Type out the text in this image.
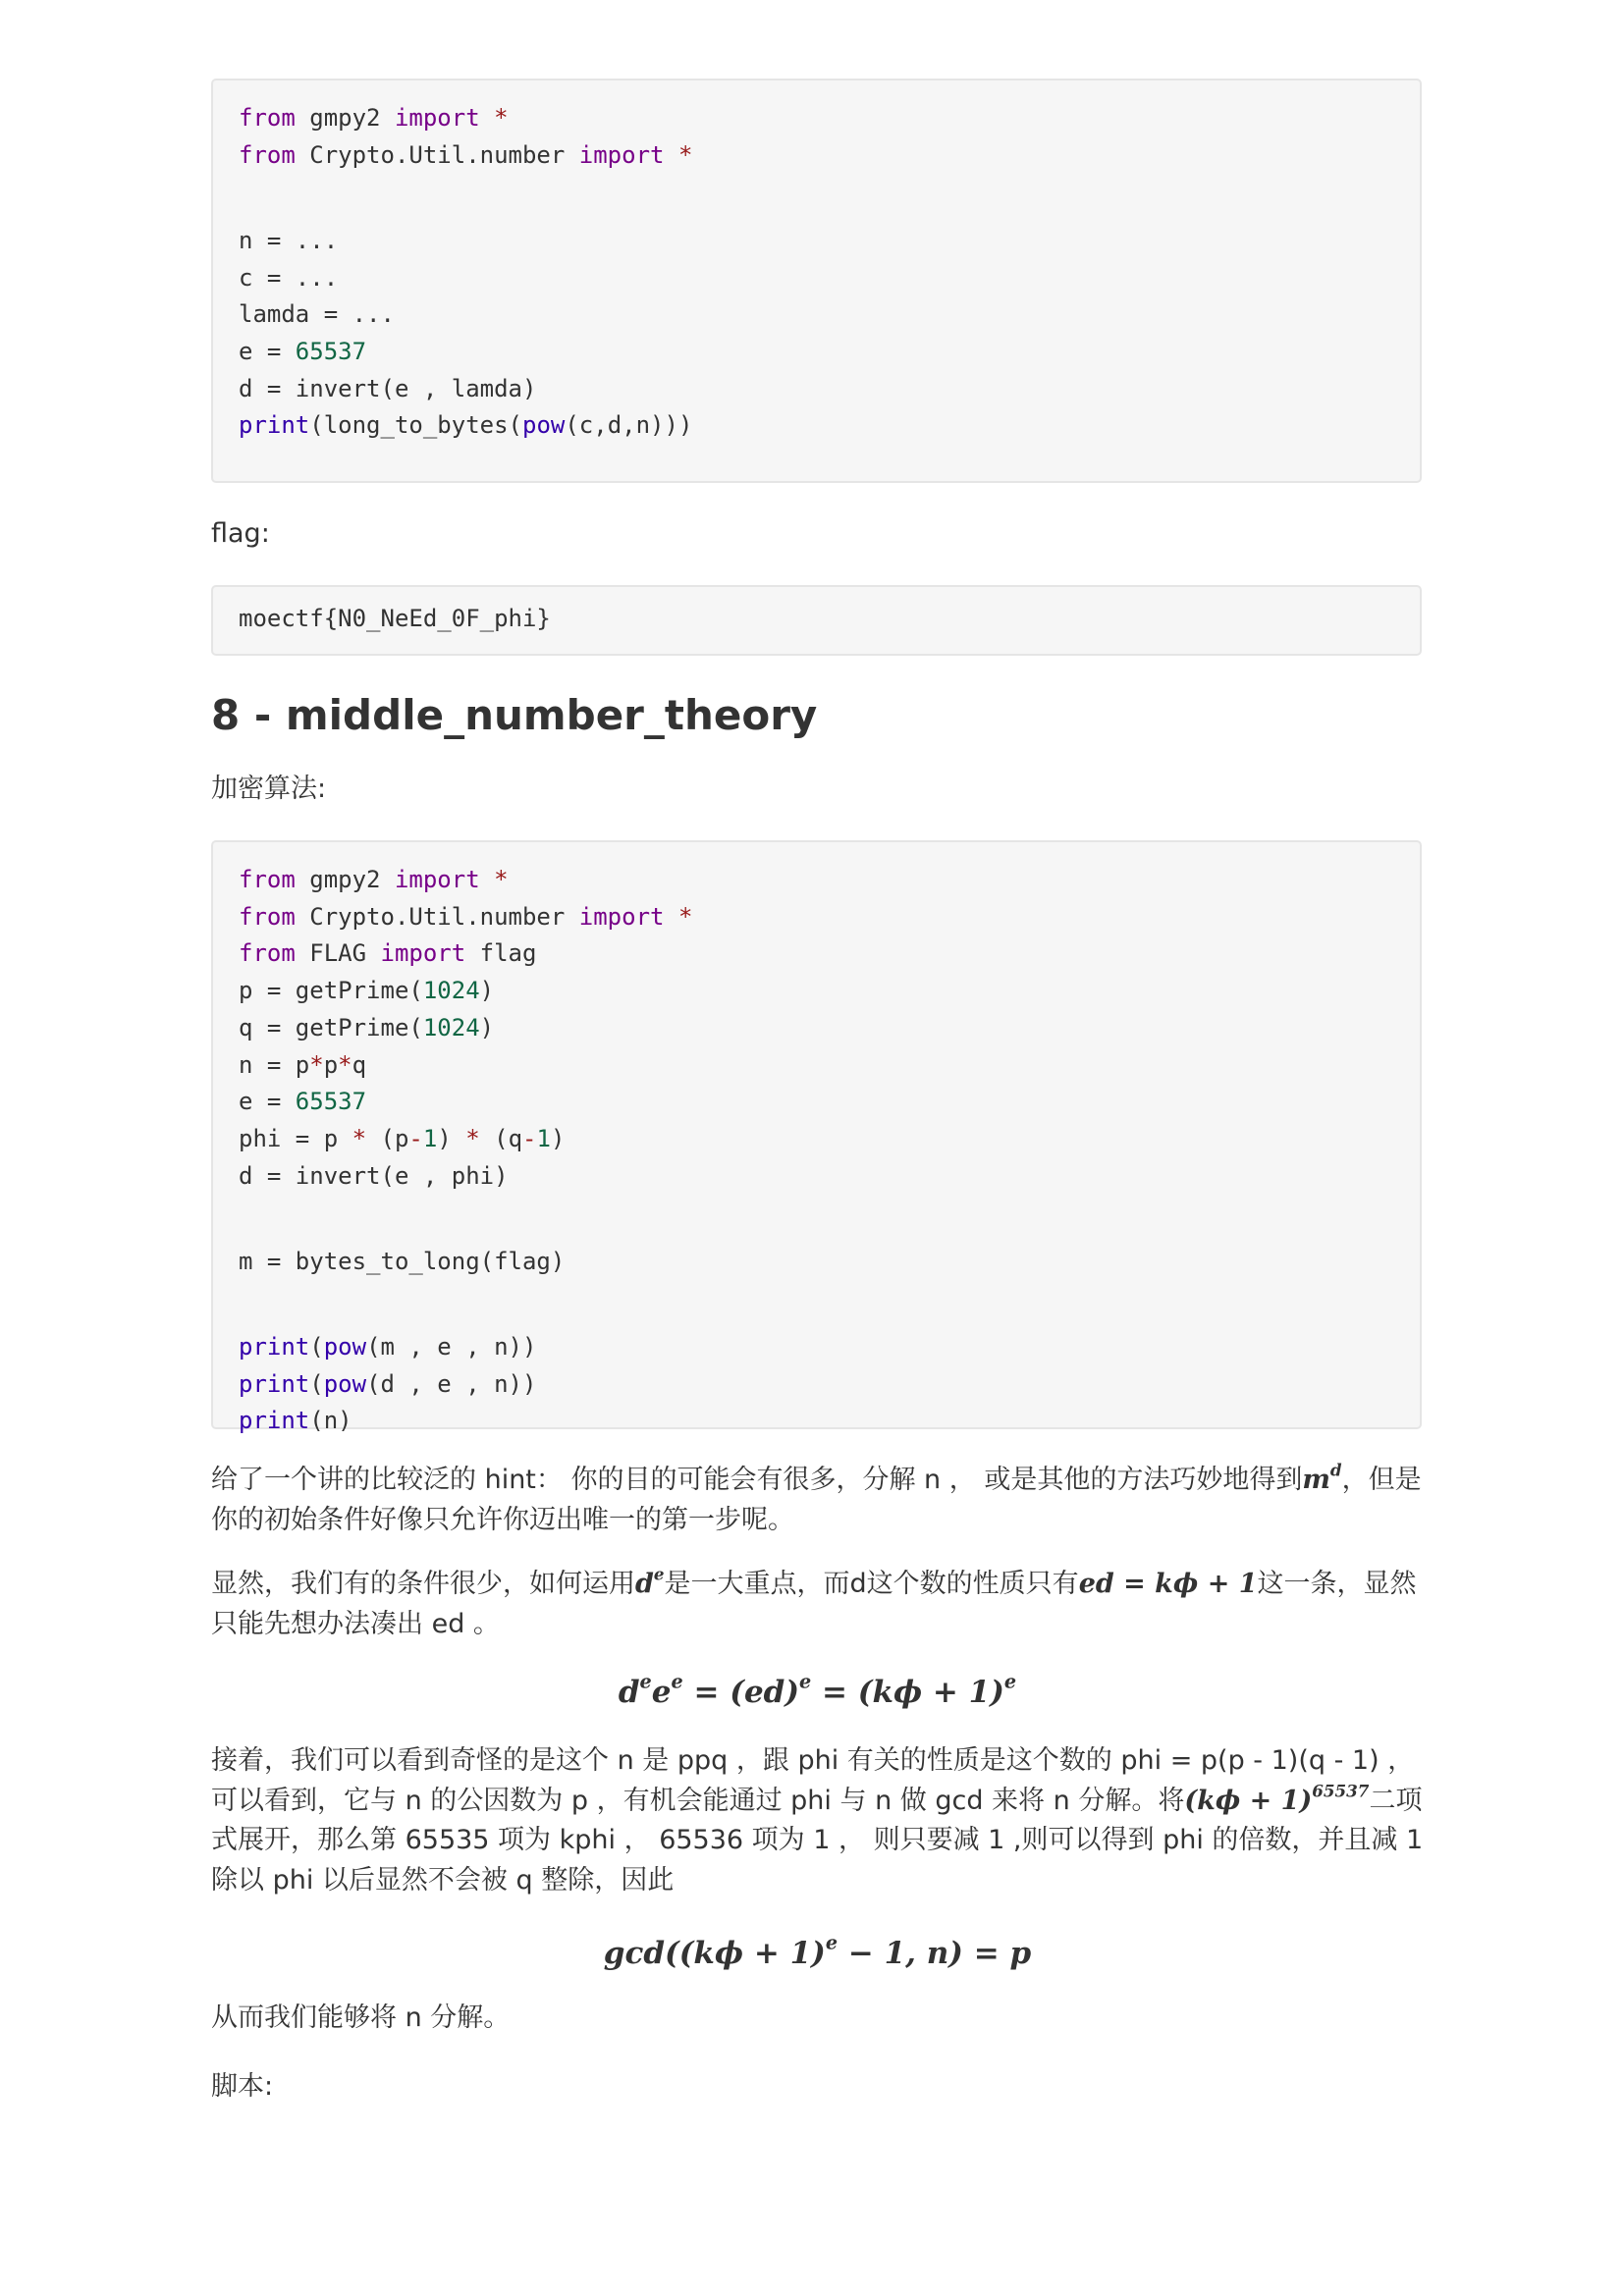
from gmpy2 import *
from Crypto.Util.number import *
n = ...
c = ...
lamda = ...
e = 65537
d = invert(e , lamda)
print(long_to_bytes(pow(c,d,n)))
flag:
moectf{N0_NeEd_0F_phi}
8 - middle_number_theory
加密算法:
from gmpy2 import *
from Crypto.Util.number import *
from FLAG import flag
p = getPrime(1024)
q = getPrime(1024)
n = p*p*q
e = 65537
phi = p * (p-1) * (q-1)
d = invert(e , phi)
m = bytes_to_long(flag)
print(pow(m , e , n))
print(pow(d , e , n))
print(n)
给了一个讲的比较泛的 hint： 你的目的可能会有很多，分解 n ， 或是其他的方法巧妙地得到$m^d$，但是你的初始条件好像只允许你迈出唯一的第一步呢。
显然，我们有的条件很少，如何运用$d^e$是一大重点，而d这个数的性质只有ed = kϕ + 1这一条，显然只能先想办法凑出 ed 。
$d^ee^e = (ed)^e = (k\phi + 1)^e$
接着，我们可以看到奇怪的是这个 n 是 ppq ，跟 phi 有关的性质是这个数的 phi = p(p - 1)(q - 1) ，可以看到，它与 n 的公因数为 p ，有机会能通过 phi 与 n 做 gcd 来将 n 分解。将$(k\phi + 1)^{65537}$二项式展开，那么第 65535 项为 kphi ， 65536 项为 1 ， 则只要减 1 ,则可以得到 phi 的倍数，并且减 1 除以 phi 以后显然不会被 q 整除，因此
$\gcd((k\phi + 1)^e - 1$, n) = p
从而我们能够将 n 分解。
脚本:
